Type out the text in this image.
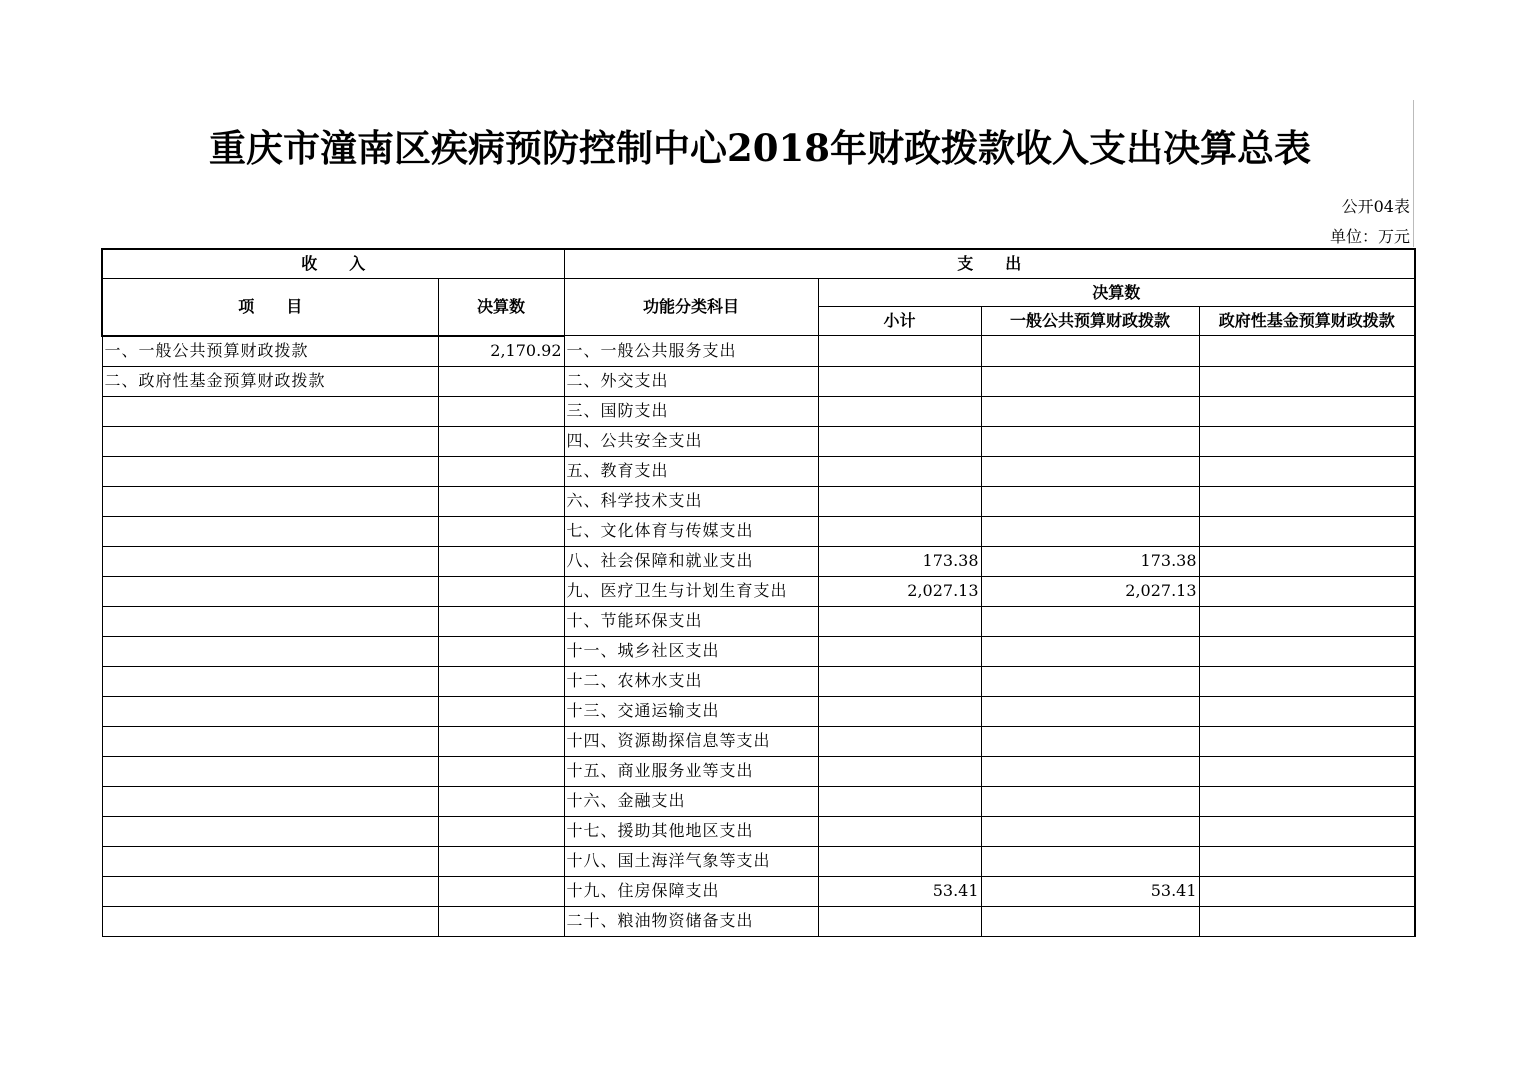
重庆市潼南区疾病预防控制中心2018年财政拨款收入支出决算总表
公开04表
单位：万元
收　　入		支　　出			
项　　目	决算数	功能分类科目	决算数		
			小计	一般公共预算财政拨款	政府性基金预算财政拨款
一、一般公共预算财政拨款	2,170.92	一、一般公共服务支出			
二、政府性基金预算财政拨款		二、外交支出			
		三、国防支出			
		四、公共安全支出			
		五、教育支出			
		六、科学技术支出			
		七、文化体育与传媒支出			
		八、社会保障和就业支出	173.38	173.38	
		九、医疗卫生与计划生育支出	2,027.13	2,027.13	
		十、节能环保支出			
		十一、城乡社区支出			
		十二、农林水支出			
		十三、交通运输支出			
		十四、资源勘探信息等支出			
		十五、商业服务业等支出			
		十六、金融支出			
		十七、援助其他地区支出			
		十八、国土海洋气象等支出			
		十九、住房保障支出	53.41	53.41	
		二十、粮油物资储备支出			
